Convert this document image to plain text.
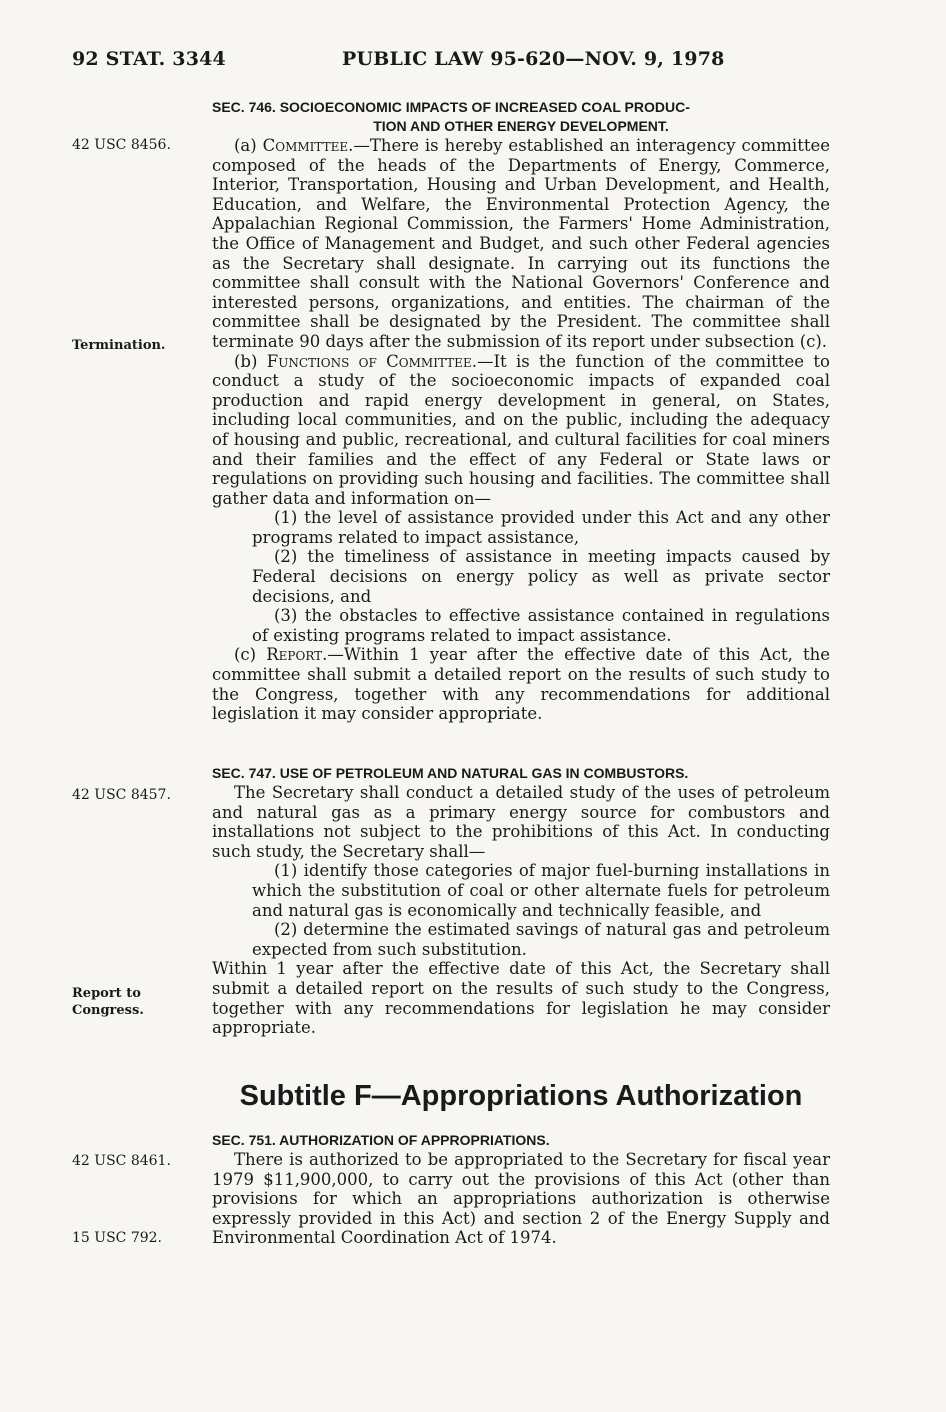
92 STAT. 3344	PUBLIC LAW 95-620—NOV. 9, 1978
42 USC 8456.
Termination.
42 USC 8457.
Report to
Congress.
42 USC 8461.
15 USC 792.
SEC. 746. SOCIOECONOMIC IMPACTS OF INCREASED COAL PRODUC-
TION AND OTHER ENERGY DEVELOPMENT.

(a) Committee.—There is hereby established an interagency committee composed of the heads of the Departments of Energy, Commerce, Interior, Transportation, Housing and Urban Development, and Health, Education, and Welfare, the Environmental Protection Agency, the Appalachian Regional Commission, the Farmers' Home Administration, the Office of Management and Budget, and such other Federal agencies as the Secretary shall designate. In carrying out its functions the committee shall consult with the National Governors' Conference and interested persons, organizations, and entities. The chairman of the committee shall be designated by the President. The committee shall terminate 90 days after the submission of its report under subsection (c).

(b) Functions of Committee.—It is the function of the committee to conduct a study of the socioeconomic impacts of expanded coal production and rapid energy development in general, on States, including local communities, and on the public, including the adequacy of housing and public, recreational, and cultural facilities for coal miners and their families and the effect of any Federal or State laws or regulations on providing such housing and facilities. The committee shall gather data and information on—

(1) the level of assistance provided under this Act and any other programs related to impact assistance,

(2) the timeliness of assistance in meeting impacts caused by Federal decisions on energy policy as well as private sector decisions, and

(3) the obstacles to effective assistance contained in regulations of existing programs related to impact assistance.

(c) Report.—Within 1 year after the effective date of this Act, the committee shall submit a detailed report on the results of such study to the Congress, together with any recommendations for additional legislation it may consider appropriate.

SEC. 747. USE OF PETROLEUM AND NATURAL GAS IN COMBUSTORS.

The Secretary shall conduct a detailed study of the uses of petroleum and natural gas as a primary energy source for combustors and installations not subject to the prohibitions of this Act. In conducting such study, the Secretary shall—

(1) identify those categories of major fuel-burning installations in which the substitution of coal or other alternate fuels for petroleum and natural gas is economically and technically feasible, and

(2) determine the estimated savings of natural gas and petroleum expected from such substitution.

Within 1 year after the effective date of this Act, the Secretary shall submit a detailed report on the results of such study to the Congress, together with any recommendations for legislation he may consider appropriate.

Subtitle F—Appropriations Authorization
SEC. 751. AUTHORIZATION OF APPROPRIATIONS.

There is authorized to be appropriated to the Secretary for fiscal year 1979 $11,900,000, to carry out the provisions of this Act (other than provisions for which an appropriations authorization is otherwise expressly provided in this Act) and section 2 of the Energy Supply and Environmental Coordination Act of 1974.
